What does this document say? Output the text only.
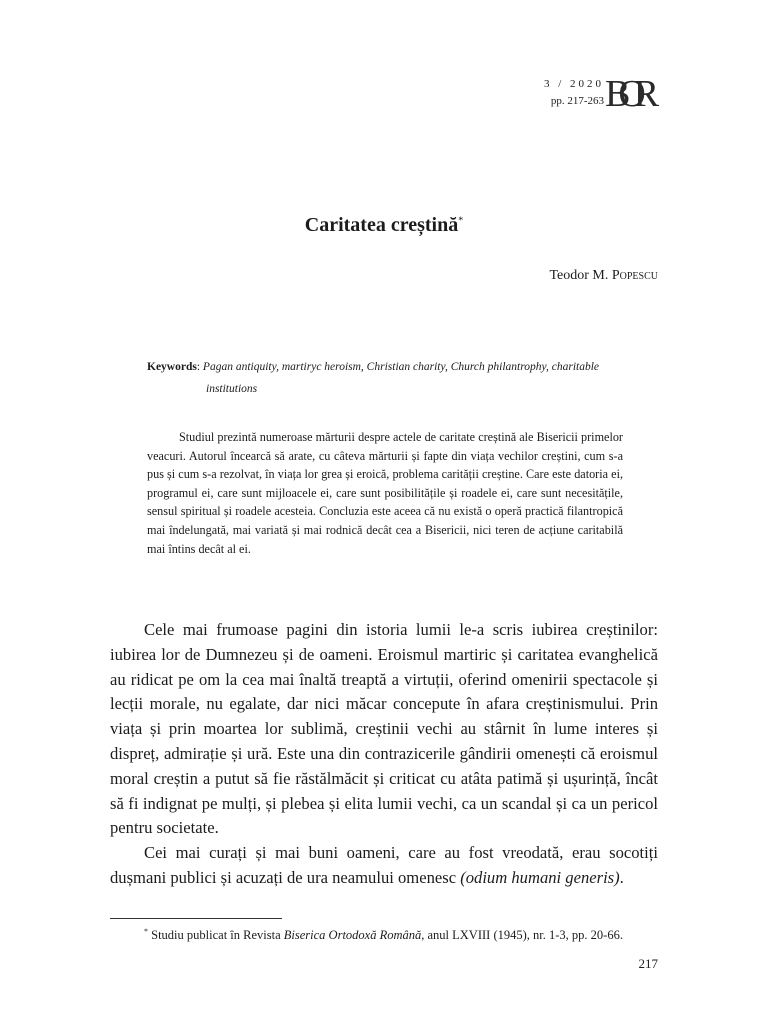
3 / 2020
pp. 217-263 BOR
Caritatea creștină*
Teodor M. Popescu
Keywords: Pagan antiquity, martiryc heroism, Christian charity, Church philantrophy, charitable
institutions
Studiul prezintă numeroase mărturii despre actele de caritate creștină ale Bisericii primelor veacuri. Autorul încearcă să arate, cu câteva mărturii și fapte din viața vechilor creștini, cum s-a pus și cum s-a rezolvat, în viața lor grea și eroică, problema carității creștine. Care este datoria ei, programul ei, care sunt mijloacele ei, care sunt posibilitățile și roadele ei, care sunt necesitățile, sensul spiritual și roadele acesteia. Concluzia este aceea că nu există o operă practică filantropică mai îndelungată, mai variată și mai rodnică decât cea a Bisericii, nici teren de acțiune caritabilă mai întins decât al ei.

Cele mai frumoase pagini din istoria lumii le-a scris iubirea creștinilor: iubirea lor de Dumnezeu și de oameni. Eroismul martiric și caritatea evanghelică au ridicat pe om la cea mai înaltă treaptă a virtuții, oferind omenirii spectacole și lecții morale, nu egalate, dar nici măcar concepute în afara creștinismului. Prin viața și prin moartea lor sublimă, creștinii vechi au stârnit în lume interes și dispreț, admirație și ură. Este una din contrazicerile gândirii omenești că eroismul moral creștin a putut să fie răstălmăcit și criticat cu atâta patimă și ușurință, încât să fi indignat pe mulți, și plebea și elita lumii vechi, ca un scandal și ca un pericol pentru societate.

Cei mai curați și mai buni oameni, care au fost vreodată, erau socotiți dușmani publici și acuzați de ura neamului omenesc (odium humani generis).

* Studiu publicat în Revista Biserica Ortodoxă Română, anul LXVIII (1945), nr. 1-3, pp. 20-66.
217
